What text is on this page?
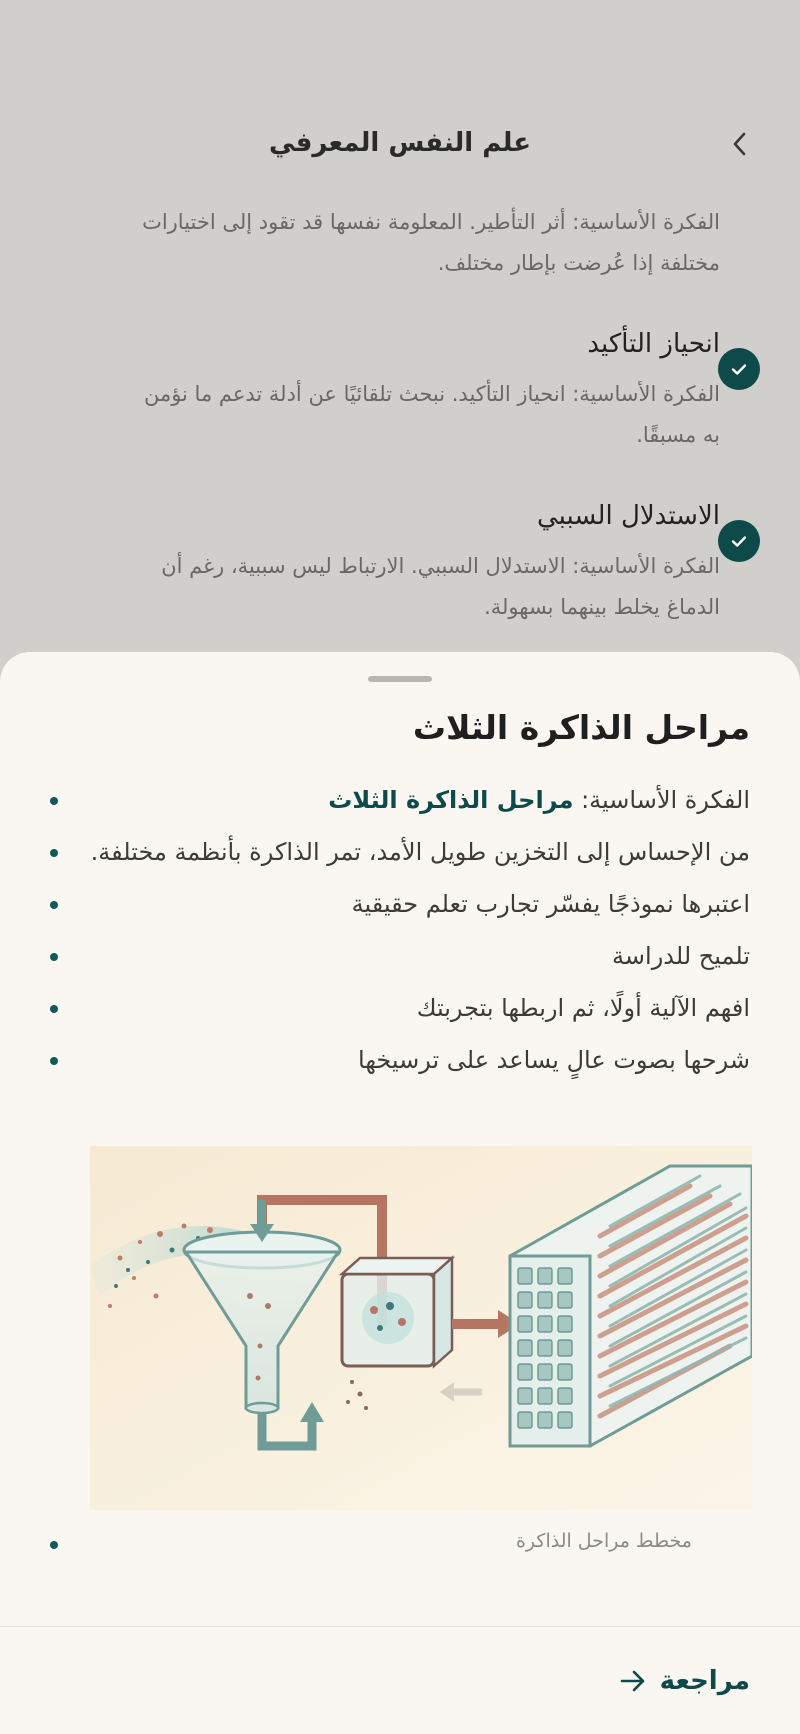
الفكرة الأساسية: أثر التأطير. المعلومة نفسها قد تقود إلى اختيارات مختلفة إذا عُرضت بإطار مختلف.
انحياز التأكيد
الفكرة الأساسية: انحياز التأكيد. نبحث تلقائيًا عن أدلة تدعم ما نؤمن به مسبقًا.
الاستدلال السببي
الفكرة الأساسية: الاستدلال السببي. الارتباط ليس سببية، رغم أن الدماغ يخلط بينهما بسهولة.
علم النفس المعرفي
مراحل الذاكرة الثلاث
الفكرة الأساسية: مراحل الذاكرة الثلاث
من الإحساس إلى التخزين طويل الأمد، تمر الذاكرة بأنظمة مختلفة.
اعتبرها نموذجًا يفسّر تجارب تعلم حقيقية
تلميح للدراسة
افهم الآلية أولًا، ثم اربطها بتجربتك
شرحها بصوت عالٍ يساعد على ترسيخها
مخطط مراحل الذاكرة
مراجعة
